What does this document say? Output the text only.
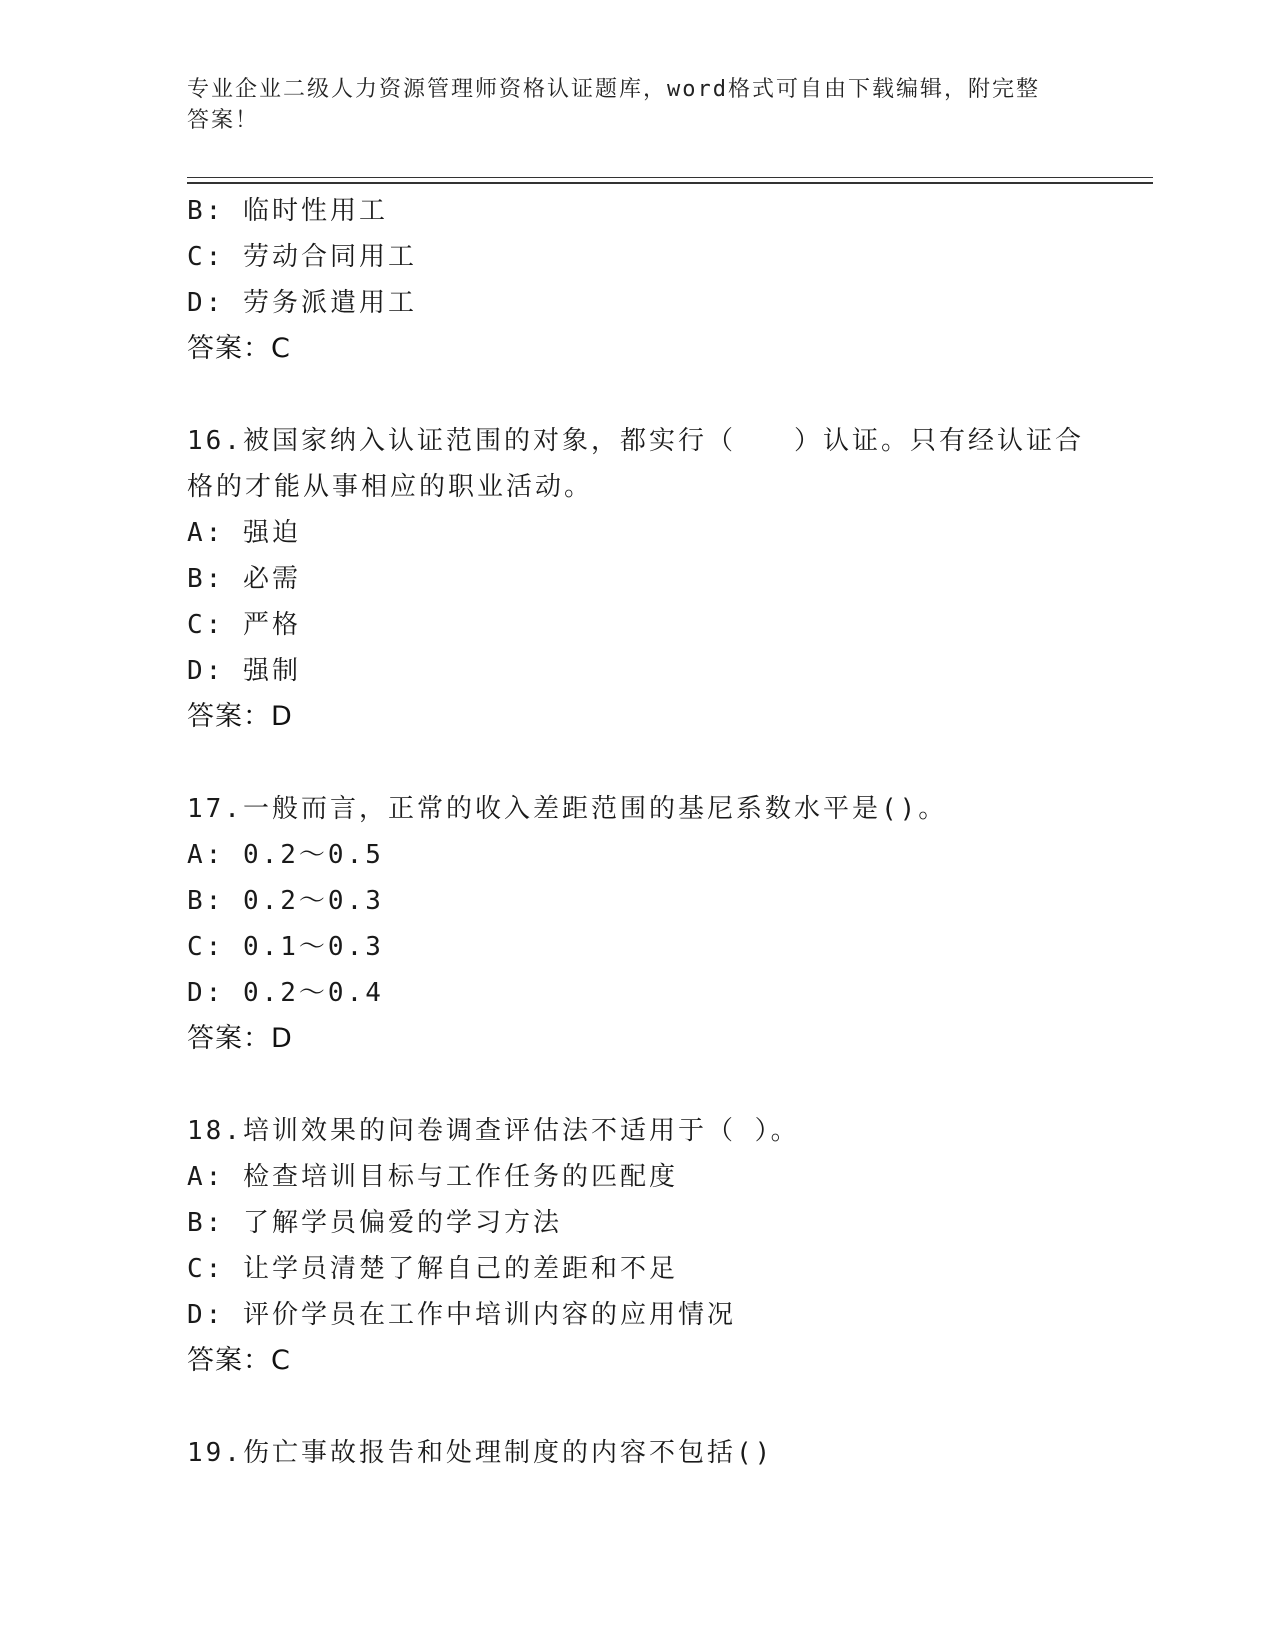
专业企业二级人力资源管理师资格认证题库，word格式可自由下载编辑，附完整
答案！
B: 临时性用工
C: 劳动合同用工
D: 劳务派遣用工
答案：C
16.被国家纳入认证范围的对象，都实行（　　）认证。只有经认证合
格的才能从事相应的职业活动。
A: 强迫
B: 必需
C: 严格
D: 强制
答案：D
17.一般而言，正常的收入差距范围的基尼系数水平是()。
A: 0.2～0.5
B: 0.2～0.3
C: 0.1～0.3
D: 0.2～0.4
答案：D
18.培训效果的问卷调查评估法不适用于（ ）。
A: 检查培训目标与工作任务的匹配度
B: 了解学员偏爱的学习方法
C: 让学员清楚了解自己的差距和不足
D: 评价学员在工作中培训内容的应用情况
答案：C
19.伤亡事故报告和处理制度的内容不包括()
